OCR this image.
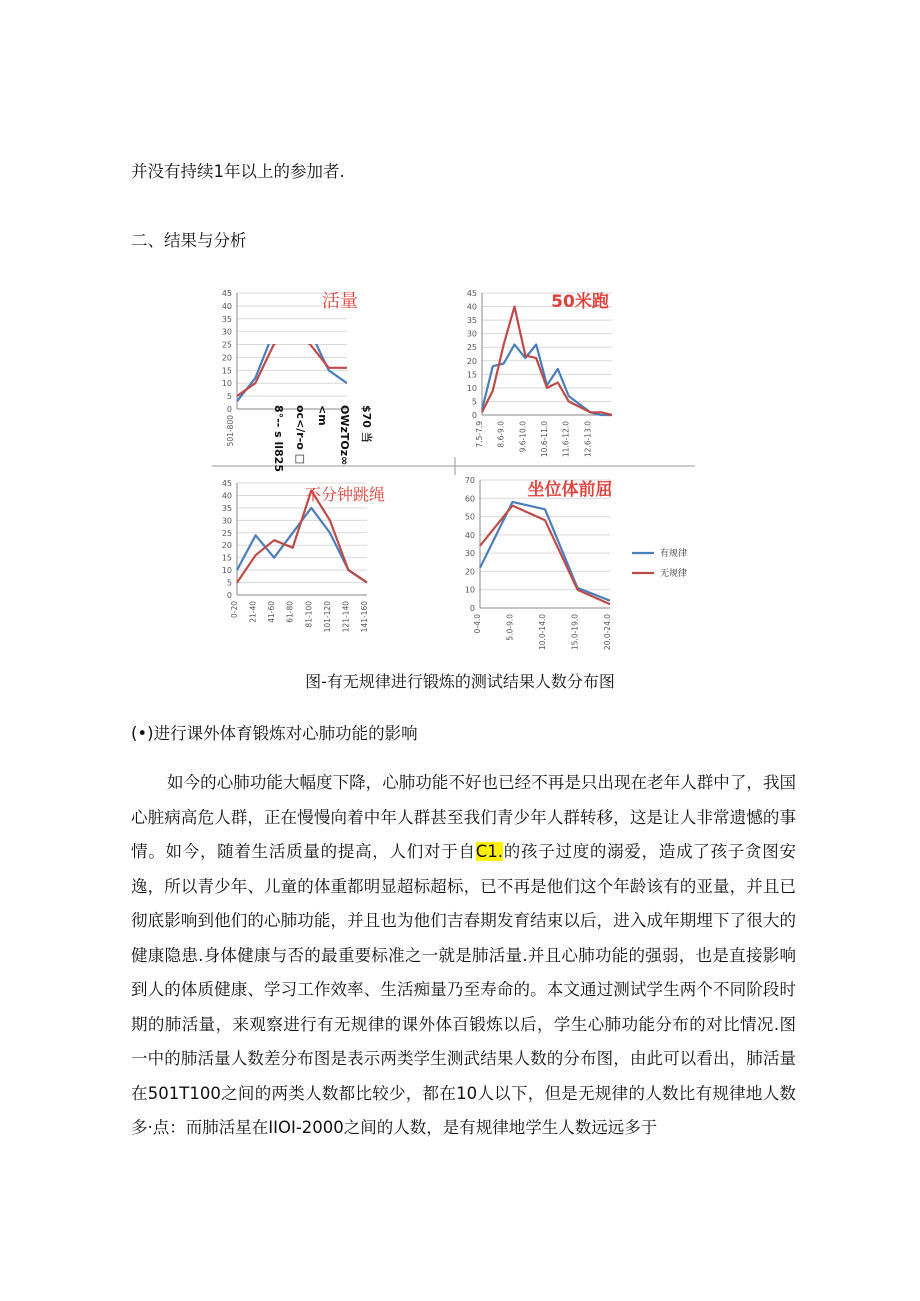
并没有持续1年以上的参加者.
二、结果与分析
0
5
10
15
20
25
30
35
40
45
501-800	8°-- s ll825 oc</r-o □ <m OWzTOz∞ $70 当
活量
0
5
10
15
20
25
30
35
40
45
7.5-7.9 8.6-9.0 9.6-10.0 10.6-11.0 11.6-12.0 12.6-13.0
50米跑
0
5
10
15
20
25
30
35
40
45
0-20 21-40 41-60 61-80 81-100 101-120 121-140 141-160
不分钟跳绳
0
10
20
30
40
50
60
70
0-4.0	5.0-9.0	10.0-14.0	15.0-19.0	20.0-24.0
坐位体前屈
有规律
无规律
图-有无规律进行锻炼的测试结果人数分布图
(•)进行课外体育锻炼对心肺功能的影响

如今的心肺功能大幅度下降，心肺功能不好也已经不再是只出现在老年人群中了，我国心脏病高危人群，正在慢慢向着中年人群甚至我们青少年人群转移，这是让人非常遗憾的事情。如今，随着生活质量的提高，人们对于自C1.的孩子过度的溺爱，造成了孩子贪图安逸，所以青少年、儿童的体重都明显超标超标，已不再是他们这个年龄该有的亚量，并且已彻底影响到他们的心肺功能，并且也为他们吉春期发育结束以后，进入成年期埋下了很大的健康隐患.身体健康与否的最重要标准之一就是肺活量.并且心肺功能的强弱，也是直接影响到人的体质健康、学习工作效率、生活痴量乃至寿命的。本文通过测试学生两个不同阶段时期的肺活量，来观察进行有无规律的课外体百锻炼以后，学生心肺功能分布的对比情况.图一中的肺活量人数差分布图是表示两类学生测武结果人数的分布图，由此可以看出，肺活量在501T100之间的两类人数都比较少，都在10人以下，但是无规律的人数比有规律地人数多·点：而肺活星在IIOI-2000之间的人数，是有规律地学生人数远远多于
